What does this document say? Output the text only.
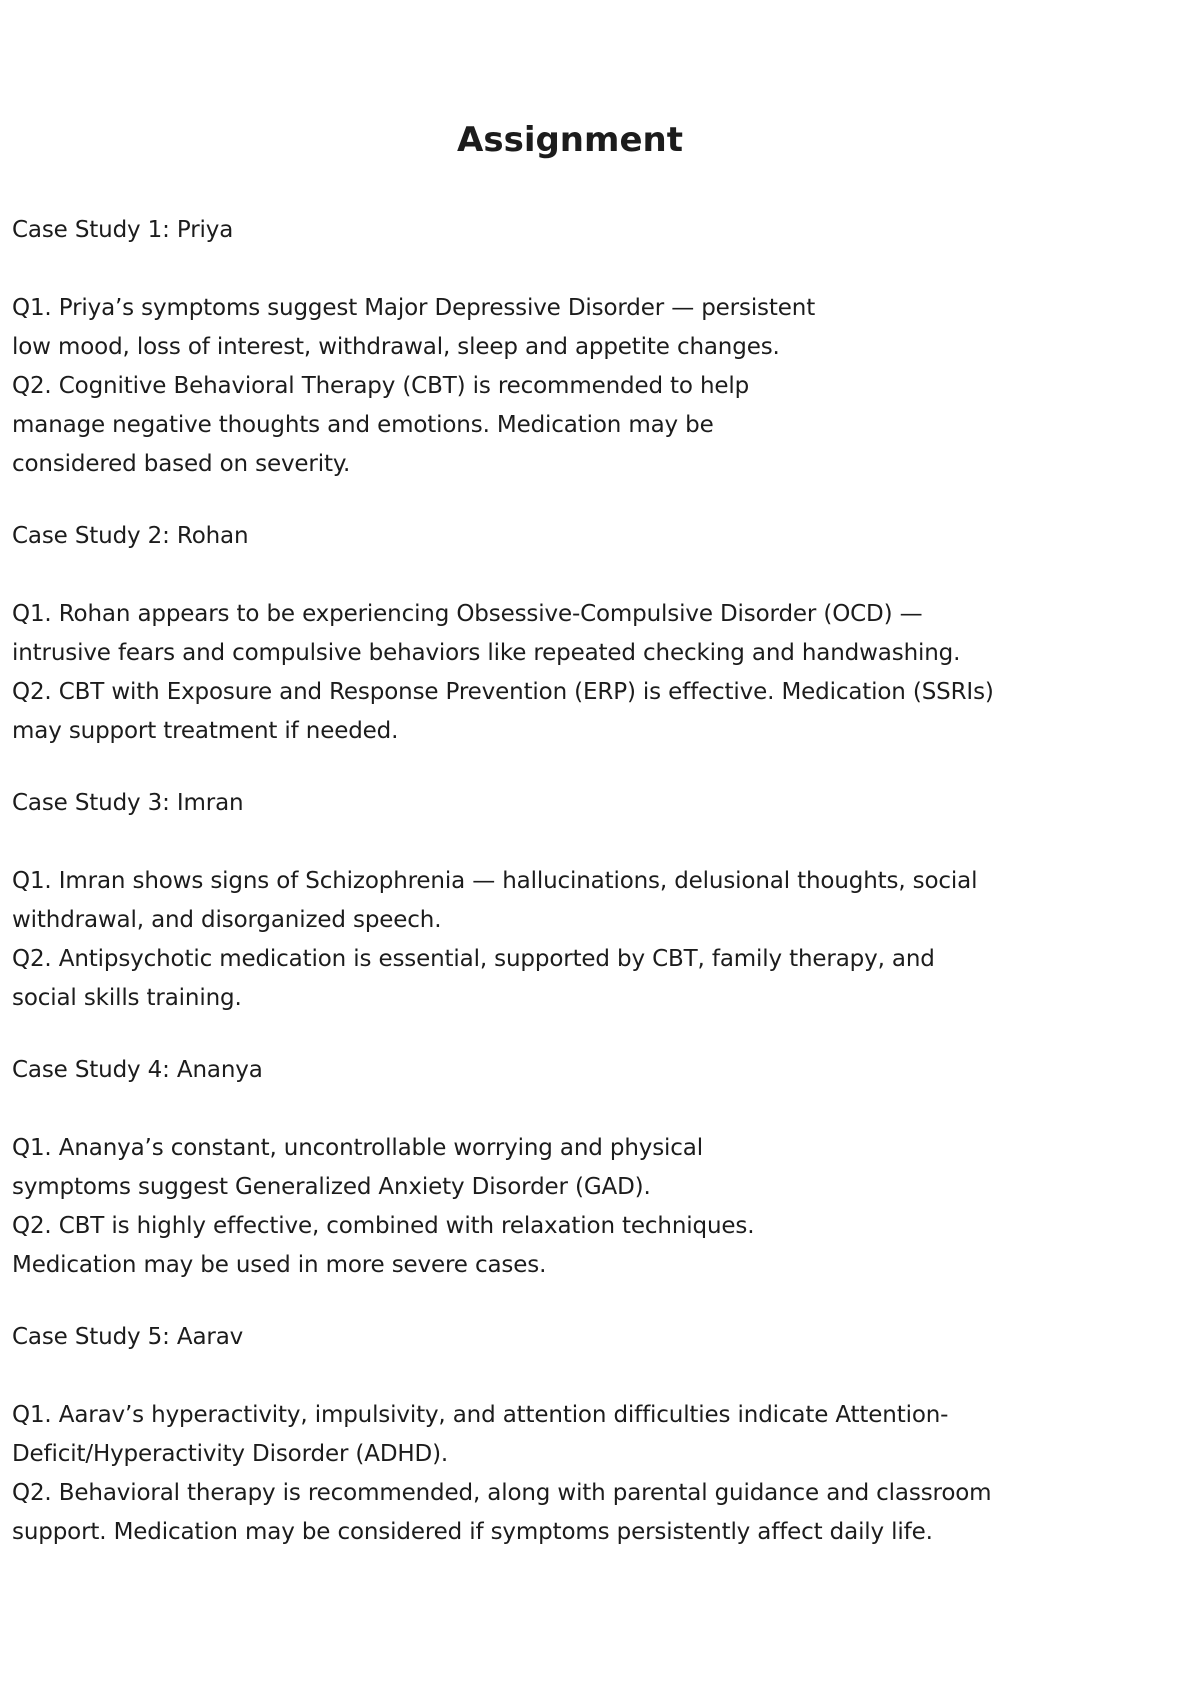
Assignment

Case Study 1: Priya

Q1. Priya’s symptoms suggest Major Depressive Disorder — persistent
low mood, loss of interest, withdrawal, sleep and appetite changes.
Q2. Cognitive Behavioral Therapy (CBT) is recommended to help
manage negative thoughts and emotions. Medication may be
considered based on severity.

Case Study 2: Rohan

Q1. Rohan appears to be experiencing Obsessive-Compulsive Disorder (OCD) —
intrusive fears and compulsive behaviors like repeated checking and handwashing.
Q2. CBT with Exposure and Response Prevention (ERP) is effective. Medication (SSRIs)
may support treatment if needed.

Case Study 3: Imran

Q1. Imran shows signs of Schizophrenia — hallucinations, delusional thoughts, social
withdrawal, and disorganized speech.
Q2. Antipsychotic medication is essential, supported by CBT, family therapy, and
social skills training.

Case Study 4: Ananya

Q1. Ananya’s constant, uncontrollable worrying and physical
symptoms suggest Generalized Anxiety Disorder (GAD).
Q2. CBT is highly effective, combined with relaxation techniques.
Medication may be used in more severe cases.

Case Study 5: Aarav

Q1. Aarav’s hyperactivity, impulsivity, and attention difficulties indicate Attention-
Deficit/Hyperactivity Disorder (ADHD).
Q2. Behavioral therapy is recommended, along with parental guidance and classroom
support. Medication may be considered if symptoms persistently affect daily life.
